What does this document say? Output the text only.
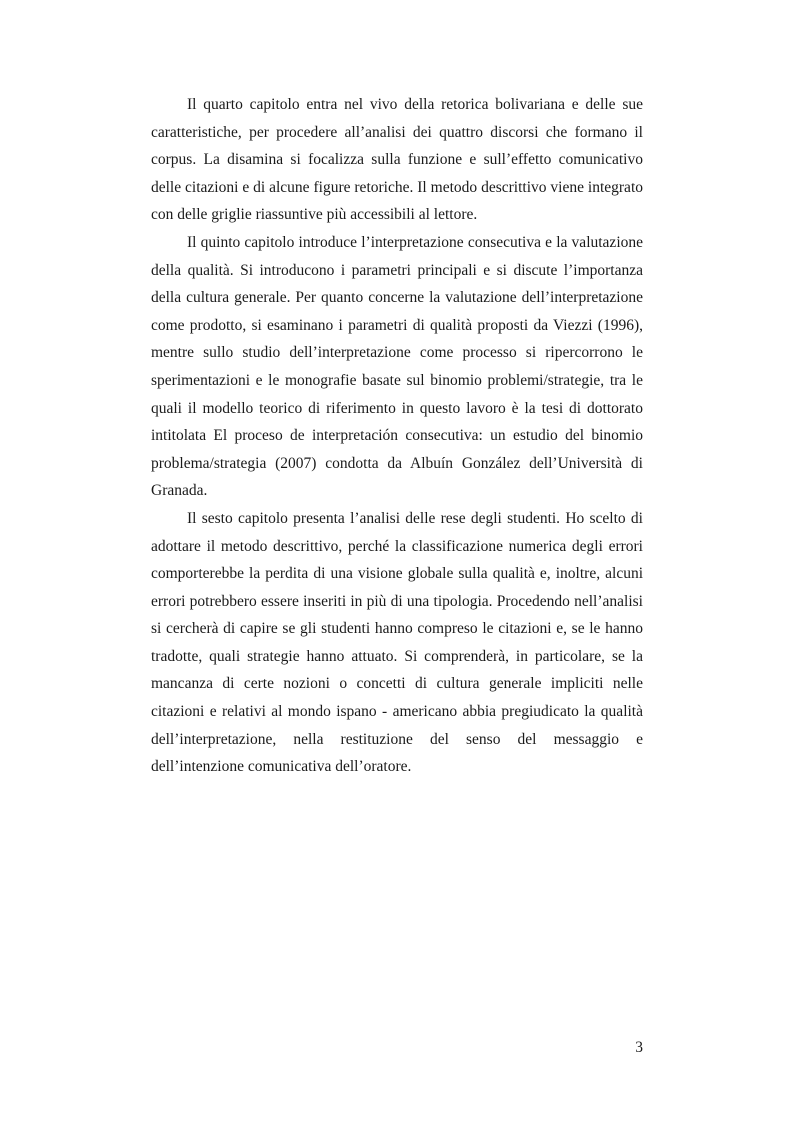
Il quarto capitolo entra nel vivo della retorica bolivariana e delle sue caratteristiche, per procedere all’analisi dei quattro discorsi che formano il corpus. La disamina si focalizza sulla funzione e sull’effetto comunicativo delle citazioni e di alcune figure retoriche. Il metodo descrittivo viene integrato con delle griglie riassuntive più accessibili al lettore.

Il quinto capitolo introduce l’interpretazione consecutiva e la valutazione della qualità. Si introducono i parametri principali e si discute l’importanza della cultura generale. Per quanto concerne la valutazione dell’interpretazione come prodotto, si esaminano i parametri di qualità proposti da Viezzi (1996), mentre sullo studio dell’interpretazione come processo si ripercorrono le sperimentazioni e le monografie basate sul binomio problemi/strategie, tra le quali il modello teorico di riferimento in questo lavoro è la tesi di dottorato intitolata El proceso de interpretación consecutiva: un estudio del binomio problema/strategia (2007) condotta da Albuín González dell’Università di Granada.

Il sesto capitolo presenta l’analisi delle rese degli studenti. Ho scelto di adottare il metodo descrittivo, perché la classificazione numerica degli errori comporterebbe la perdita di una visione globale sulla qualità e, inoltre, alcuni errori potrebbero essere inseriti in più di una tipologia. Procedendo nell’analisi si cercherà di capire se gli studenti hanno compreso le citazioni e, se le hanno tradotte, quali strategie hanno attuato. Si comprenderà, in particolare, se la mancanza di certe nozioni o concetti di cultura generale impliciti nelle citazioni e relativi al mondo ispano - americano abbia pregiudicato la qualità dell’interpretazione, nella restituzione del senso del messaggio e dell’intenzione comunicativa dell’oratore.

3
